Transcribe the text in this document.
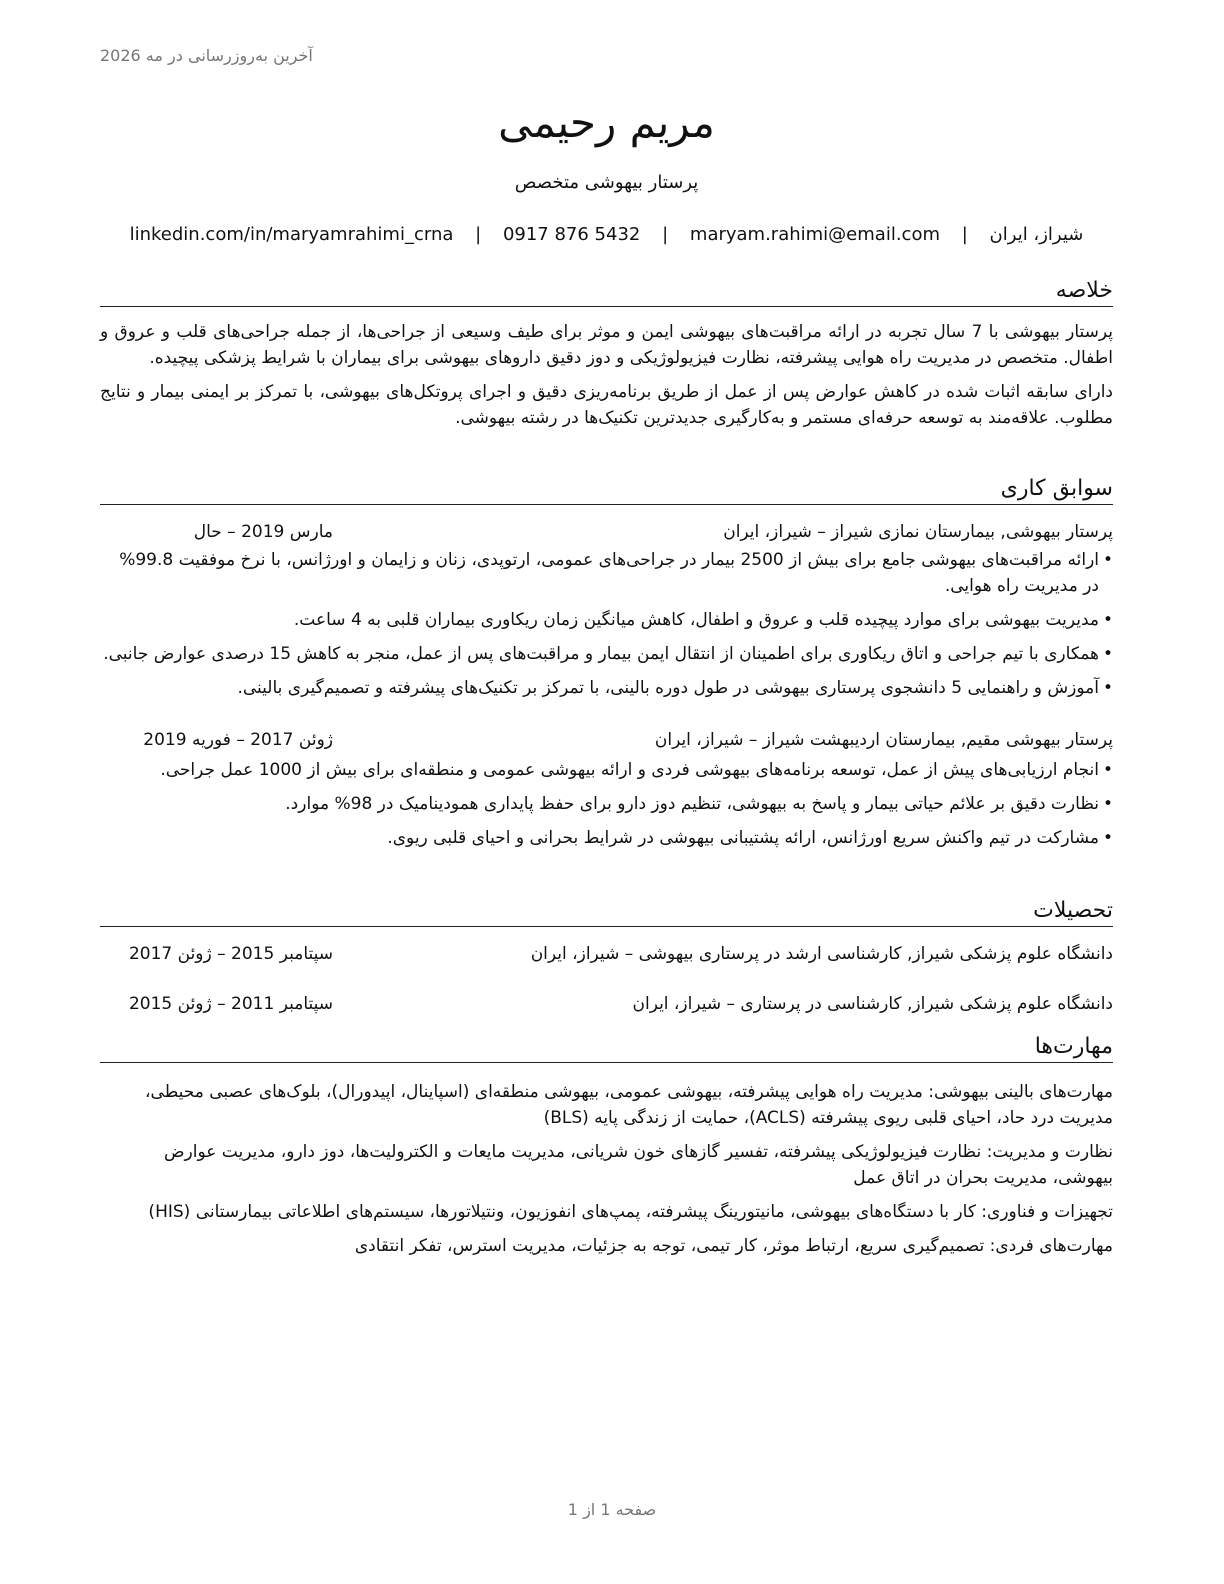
آخرین به‌روزرسانی در مه 2026
مریم رحیمی
پرستار بیهوشی متخصص
شیراز، ایران | maryam.rahimi@email.com | 0917 876 5432 | linkedin.com/in/maryamrahimi_crna
خلاصه

پرستار بیهوشی با 7 سال تجربه در ارائه مراقبت‌های بیهوشی ایمن و موثر برای طیف وسیعی از جراحی‌ها، از جمله جراحی‌های قلب و عروق و اطفال. متخصص در مدیریت راه هوایی پیشرفته، نظارت فیزیولوژیکی و دوز دقیق داروهای بیهوشی برای بیماران با شرایط پزشکی پیچیده.

دارای سابقه اثبات شده در کاهش عوارض پس از عمل از طریق برنامه‌ریزی دقیق و اجرای پروتکل‌های بیهوشی، با تمرکز بر ایمنی بیمار و نتایج مطلوب. علاقه‌مند به توسعه حرفه‌ای مستمر و به‌کارگیری جدیدترین تکنیک‌ها در رشته بیهوشی.

سوابق کاری
پرستار بیهوشی, بیمارستان نمازی شیراز – شیراز، ایران
مارس 2019 – حال
• ارائه مراقبت‌های بیهوشی جامع برای بیش از 2500 بیمار در جراحی‌های عمومی، ارتوپدی، زنان و زایمان و اورژانس، با نرخ موفقیت 99.8% در مدیریت راه هوایی.
• مدیریت بیهوشی برای موارد پیچیده قلب و عروق و اطفال، کاهش میانگین زمان ریکاوری بیماران قلبی به 4 ساعت.
• همکاری با تیم جراحی و اتاق ریکاوری برای اطمینان از انتقال ایمن بیمار و مراقبت‌های پس از عمل، منجر به کاهش 15 درصدی عوارض جانبی.
• آموزش و راهنمایی 5 دانشجوی پرستاری بیهوشی در طول دوره بالینی، با تمرکز بر تکنیک‌های پیشرفته و تصمیم‌گیری بالینی.
پرستار بیهوشی مقیم, بیمارستان اردیبهشت شیراز – شیراز، ایران
ژوئن 2017 – فوریه 2019
• انجام ارزیابی‌های پیش از عمل، توسعه برنامه‌های بیهوشی فردی و ارائه بیهوشی عمومی و منطقه‌ای برای بیش از 1000 عمل جراحی.
• نظارت دقیق بر علائم حیاتی بیمار و پاسخ به بیهوشی، تنظیم دوز دارو برای حفظ پایداری همودینامیک در 98% موارد.
• مشارکت در تیم واکنش سریع اورژانس، ارائه پشتیبانی بیهوشی در شرایط بحرانی و احیای قلبی ریوی.
تحصیلات
دانشگاه علوم پزشکی شیراز, کارشناسی ارشد در پرستاری بیهوشی – شیراز، ایران
سپتامبر 2015 – ژوئن 2017
دانشگاه علوم پزشکی شیراز, کارشناسی در پرستاری – شیراز، ایران
سپتامبر 2011 – ژوئن 2015
مهارت‌ها

مهارت‌های بالینی بیهوشی: مدیریت راه هوایی پیشرفته، بیهوشی عمومی، بیهوشی منطقه‌ای (اسپاینال، اپیدورال)، بلوک‌های عصبی محیطی، مدیریت درد حاد، احیای قلبی ریوی پیشرفته (ACLS)، حمایت از زندگی پایه (BLS)

نظارت و مدیریت: نظارت فیزیولوژیکی پیشرفته، تفسیر گازهای خون شریانی، مدیریت مایعات و الکترولیت‌ها، دوز دارو، مدیریت عوارض بیهوشی، مدیریت بحران در اتاق عمل

تجهیزات و فناوری: کار با دستگاه‌های بیهوشی، مانیتورینگ پیشرفته، پمپ‌های انفوزیون، ونتیلاتورها، سیستم‌های اطلاعاتی بیمارستانی (HIS)

مهارت‌های فردی: تصمیم‌گیری سریع، ارتباط موثر، کار تیمی، توجه به جزئیات، مدیریت استرس، تفکر انتقادی

صفحه 1 از 1
